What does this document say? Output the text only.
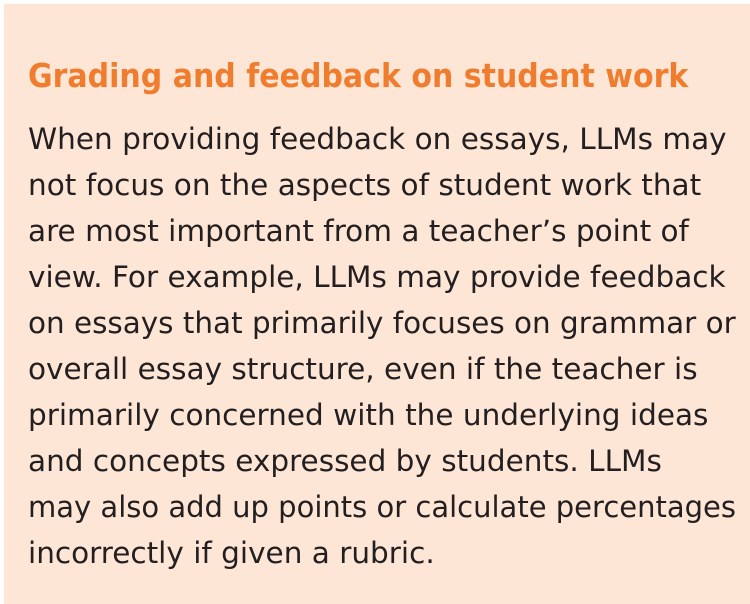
Grading and feedback on student work
When providing feedback on essays, LLMs may
not focus on the aspects of student work that
are most important from a teacher’s point of
view. For example, LLMs may provide feedback
on essays that primarily focuses on grammar or
overall essay structure, even if the teacher is
primarily concerned with the underlying ideas
and concepts expressed by students. LLMs
may also add up points or calculate percentages
incorrectly if given a rubric.
